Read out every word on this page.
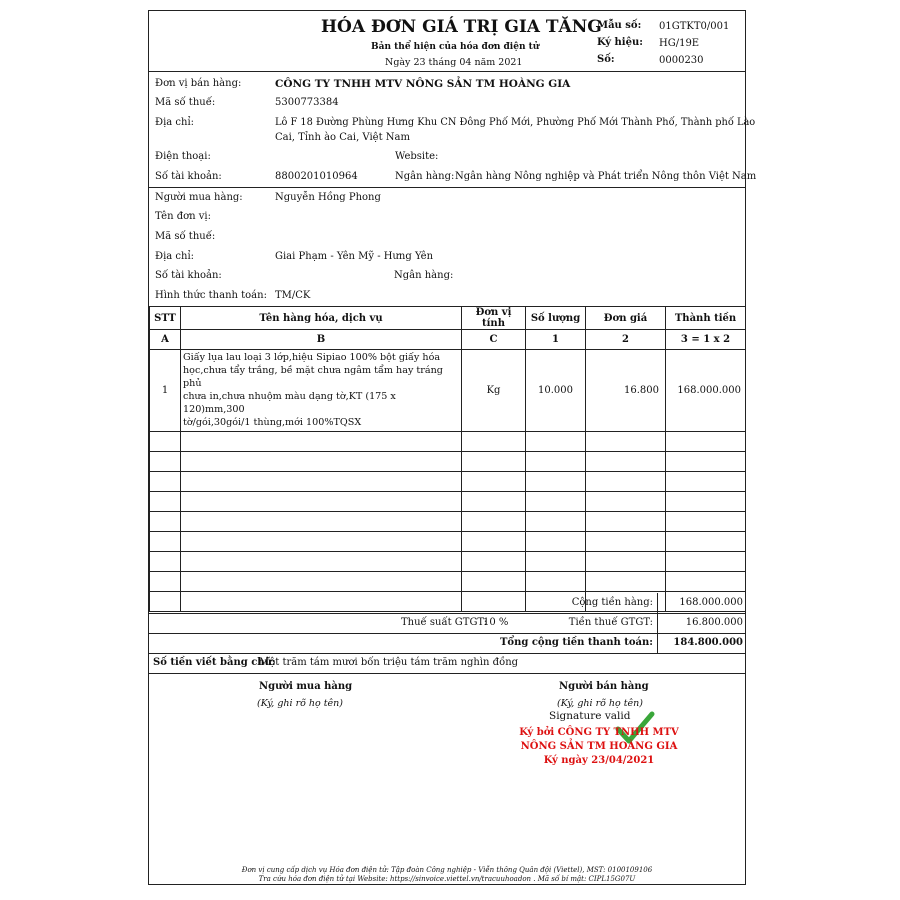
HÓA ĐƠN GIÁ TRỊ GIA TĂNG
Bản thể hiện của hóa đơn điện tử
Ngày 23 tháng 04 năm 2021
Mẫu số: 01GTKT0/001
Ký hiệu: HG/19E
Số:	0000230
Đơn vị bán hàng:	CÔNG TY TNHH MTV NÔNG SẢN TM HOÀNG GIA
Mã số thuế:	5300773384
Địa chỉ:	Lô F 18 Đường Phùng Hưng Khu CN Đông Phố Mới, Phường Phố Mới Thành Phố, Thành phố Lào
Cai, Tỉnh ào Cai, Việt Nam
Điện thoại:	Website:
Số tài khoản:	8800201010964	Ngân hàng: Ngân hàng Nông nghiệp và Phát triển Nông thôn Việt Nam
Người mua hàng:	Nguyễn Hồng Phong
Tên đơn vị:
Mã số thuế:
Địa chỉ:	Giai Phạm - Yên Mỹ - Hưng Yên
Số tài khoản:	Ngân hàng:
Hình thức thanh toán: TM/CK
STT	Tên hàng hóa, dịch vụ	Đơn vị tính	Số lượng	Đơn giá	Thành tiền
A	B	C	1	2	3 = 1 x 2
1	Giấy lụa lau loại 3 lớp,hiệu Sipiao 100% bột giấy hóa
học,chưa tẩy trắng, bề mặt chưa ngâm tẩm hay tráng phủ
chưa in,chưa nhuộm màu dạng tờ,KT (175 x 120)mm,300
tờ/gói,30gói/1 thùng,mới 100%TQSX	Kg	10.000	16.800	168.000.000

Cộng tiền hàng:	168.000.000
Thuế suất GTGT:
10 %	Tiền thuế GTGT:	16.800.000
Tổng cộng tiền thanh toán: 184.800.000
Số tiền viết bằng chữ:
Một trăm tám mươi bốn triệu tám trăm nghìn đồng
Người mua hàng
(Ký, ghi rõ họ tên)
Người bán hàng
(Ký, ghi rõ họ tên)
Signature valid
Ký bởi CÔNG TY TNHH MTV
NÔNG SẢN TM HOÀNG GIA
Ký ngày 23/04/2021
Đơn vị cung cấp dịch vụ Hóa đơn điện tử: Tập đoàn Công nghiệp - Viễn thông Quân đội (Viettel), MST: 0100109106
Tra cứu hóa đơn điện tử tại Website: https://sinvoice.viettel.vn/tracuuhoadon . Mã số bí mật: CIPL15G07U
